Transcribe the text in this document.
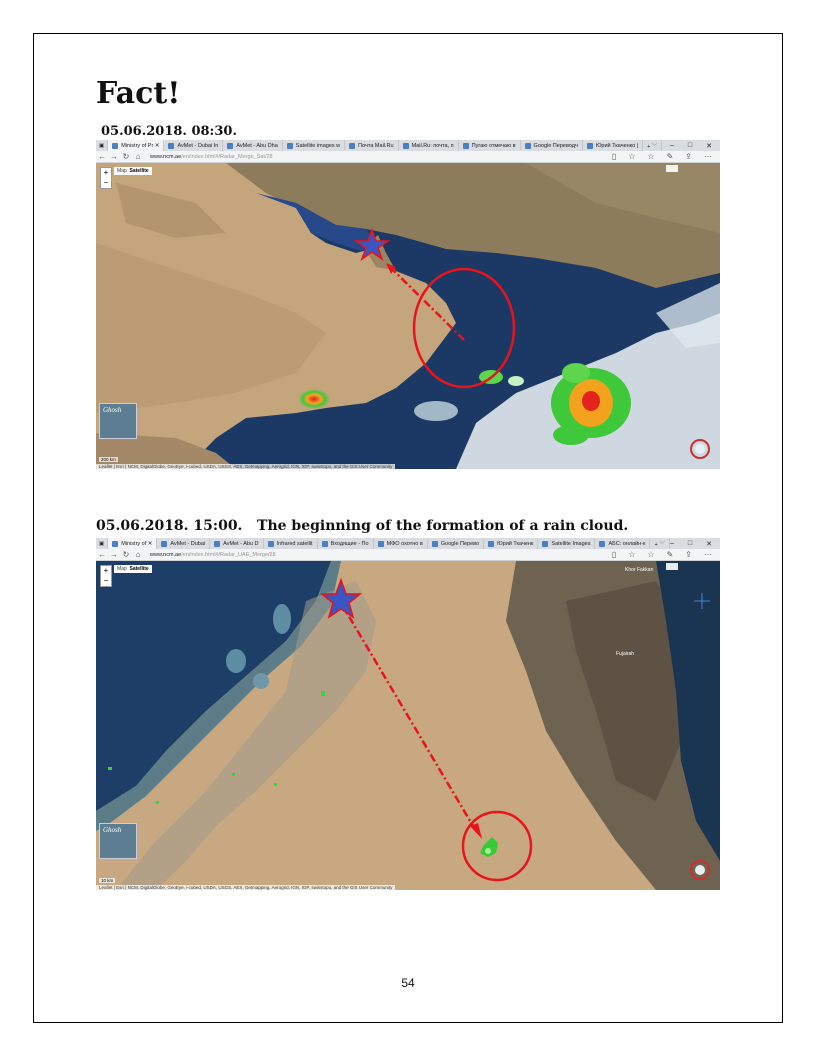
Fact!
05.06.2018. 08:30.
▣	Ministry of Pr ✕	AvMet - Dubai In	AvMet - Abu Dha	Satellite images w	Почта Mail.Ru	Mail.Ru: почта, п	Пугаю отмечаю в	Google Переводч	Юрий Ткаченко |	+ ﹀	– □ ✕
← → ↻ ⌂	www.ncm.ae/en/index.html#/Radar_Merge_Sat/28	▯ ☆ ☆ ✎ ⇪ ⋯
+
−
Map Satellite
Ghosh
200 km
Leaflet | Esri | NCM, DigitalGlobe, GeoEye, i-cubed, USDA, USGS, AEX, Getmapping, Aerogrid, IGN, IGP, swisstopo, and the GIS User Community
05.06.2018. 15:00.   The beginning of the formation of a rain cloud.
▣	Ministry of ✕	AvMet - Dubai	AvMet - Abu D	Infrared satellit	Входящие - По	МФО охотно в	Google Перево	Юрий Ткаченк	Satellite Images	АБС: онлайн-к	+ ﹀ – □ ✕
← → ↻ ⌂	www.ncm.ae/en/index.html#/Radar_UAE_Merge/28	▯ ☆ ☆ ✎ ⇪ ⋯
+
−
Map Satellite	Khor Fakkan
Fujairah
Ghosh
10 km
Leaflet | Esri | NCM, DigitalGlobe, GeoEye, i-cubed, USDA, USGS, AEX, Getmapping, Aerogrid, IGN, IGP, swisstopo, and the GIS User Community
54
